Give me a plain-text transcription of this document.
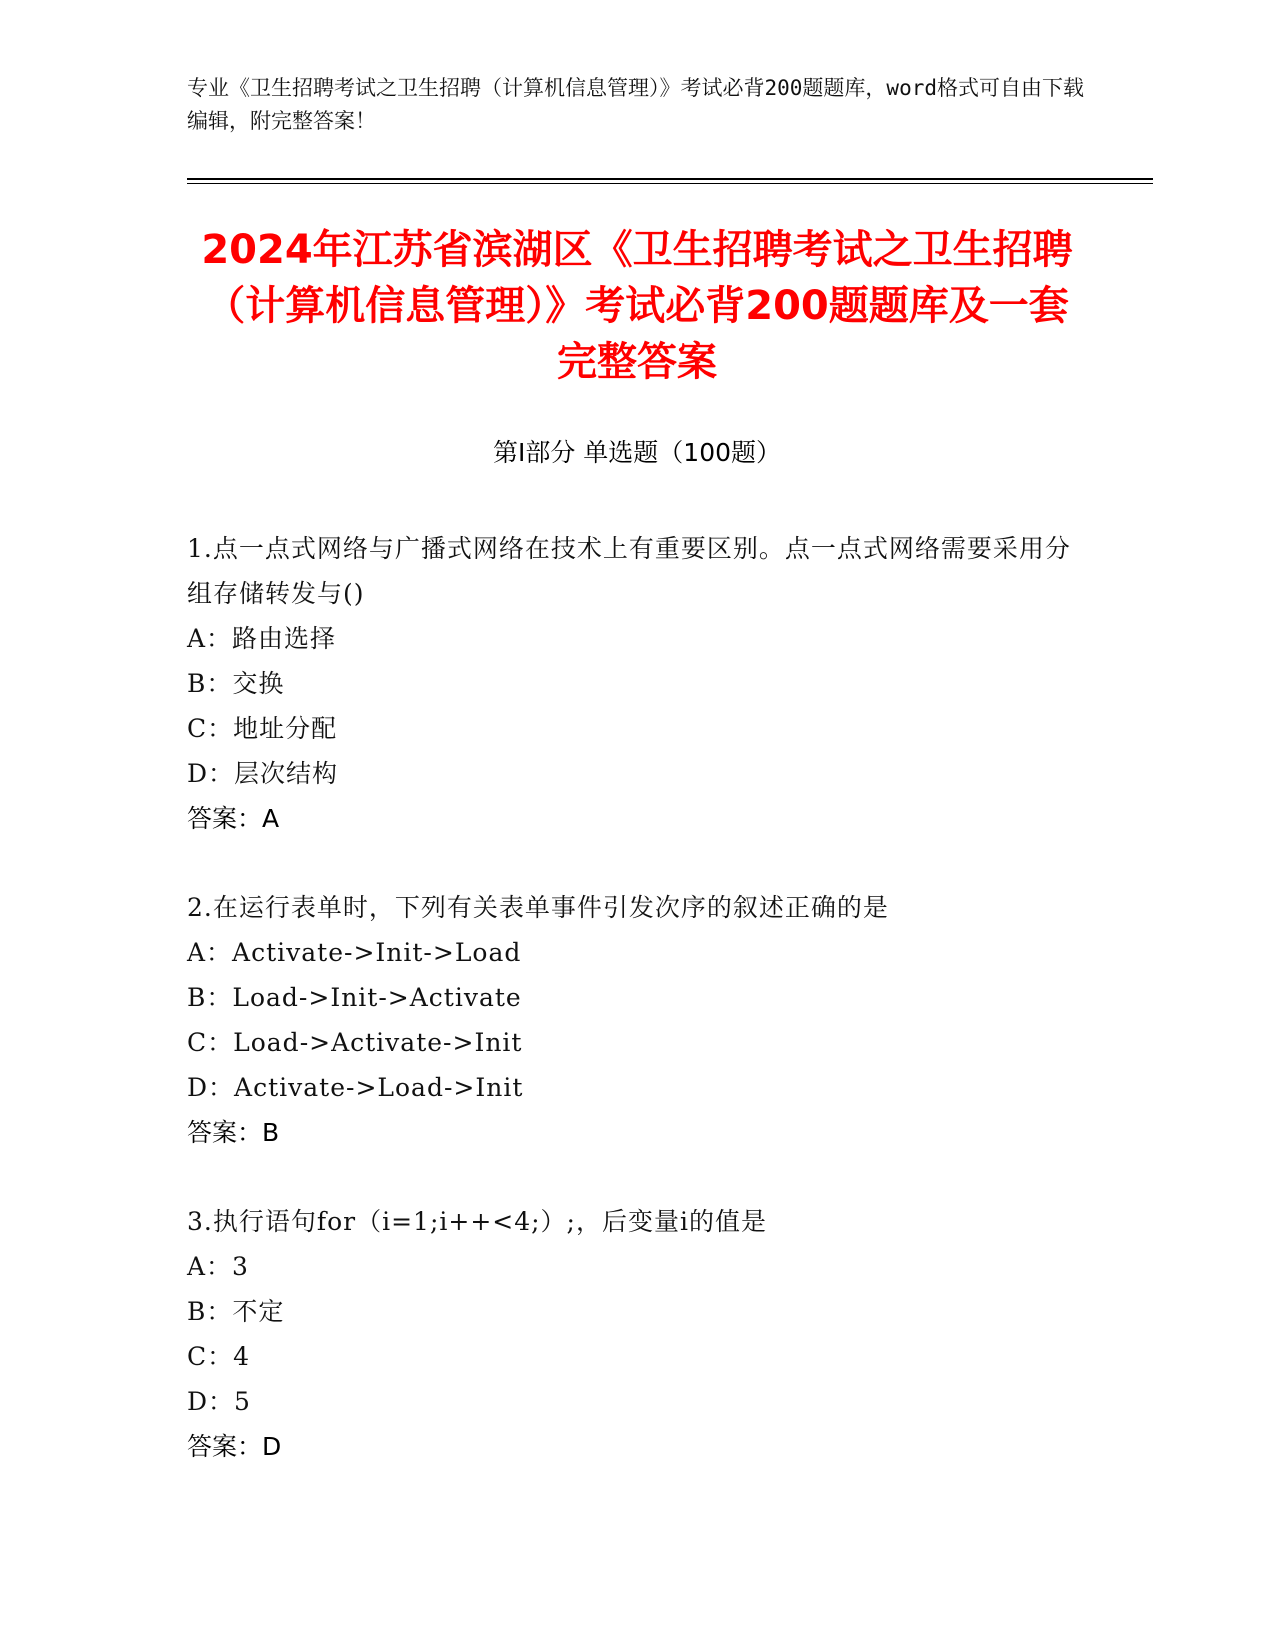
专业《卫生招聘考试之卫生招聘（计算机信息管理）》考试必背200题题库，word格式可自由下载编辑，附完整答案！
2024年江苏省滨湖区《卫生招聘考试之卫生招聘（计算机信息管理）》考试必背200题题库及一套完整答案
第Ⅰ部分 单选题（100题）
1.点一点式网络与广播式网络在技术上有重要区别。点一点式网络需要采用分组存储转发与()
A：路由选择
B：交换
C：地址分配
D：层次结构
答案：A
2.在运行表单时，下列有关表单事件引发次序的叙述正确的是
A：Activate->Init->Load
B：Load->Init->Activate
C：Load->Activate->Init
D：Activate->Load->Init
答案：B
3.执行语句for（i=1;i++<4;）;，后变量i的值是
A：3
B：不定
C：4
D：5
答案：D
